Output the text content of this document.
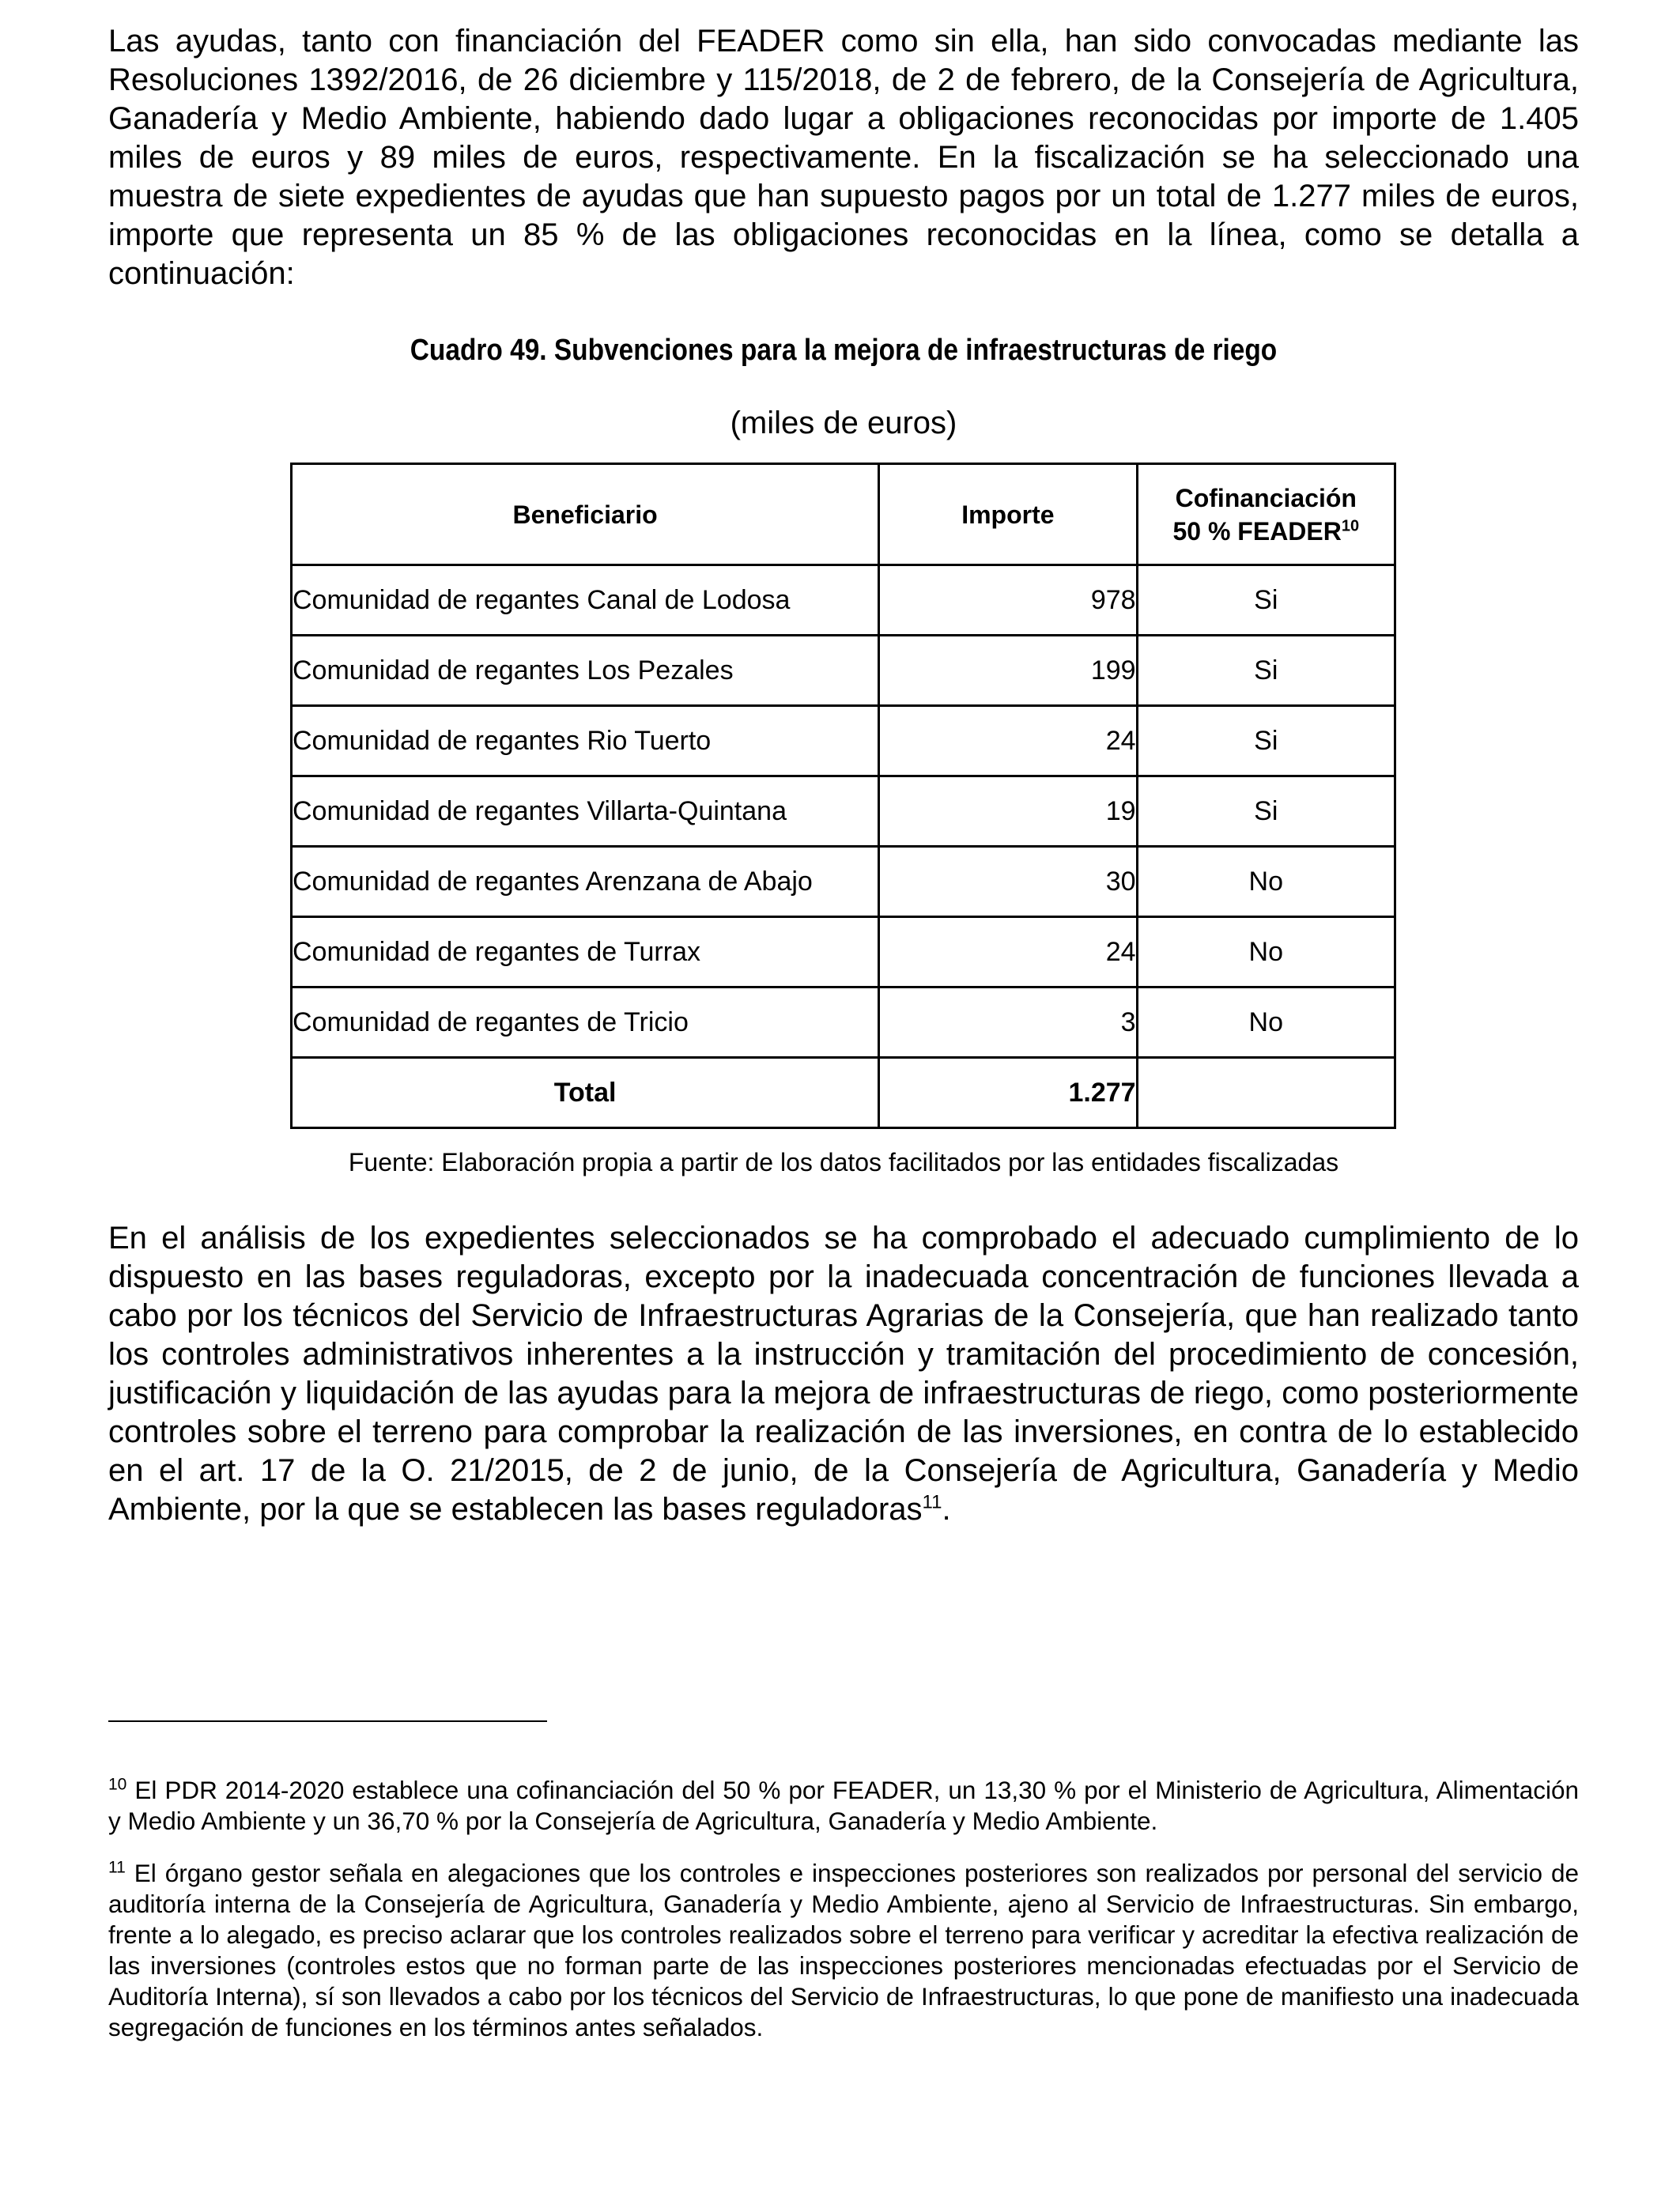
Las ayudas, tanto con financiación del FEADER como sin ella, han sido convocadas mediante las Resoluciones 1392/2016, de 26 diciembre y 115/2018, de 2 de febrero, de la Consejería de Agricultura, Ganadería y Medio Ambiente, habiendo dado lugar a obligaciones reconocidas por importe de 1.405 miles de euros y 89 miles de euros, respectivamente. En la fiscalización se ha seleccionado una muestra de siete expedientes de ayudas que han supuesto pagos por un total de 1.277 miles de euros, importe que representa un 85 % de las obligaciones reconocidas en la línea, como se detalla a continuación:

Cuadro 49. Subvenciones para la mejora de infraestructuras de riego
(miles de euros)
Beneficiario	Importe	Cofinanciación
50 % FEADER$^{10}$
Comunidad de regantes Canal de Lodosa	978	Si
Comunidad de regantes Los Pezales	199	Si
Comunidad de regantes Rio Tuerto	24	Si
Comunidad de regantes Villarta-Quintana	19	Si
Comunidad de regantes Arenzana de Abajo	30	No
Comunidad de regantes de Turrax	24	No
Comunidad de regantes de Tricio	3	No
Total	1.277	
Fuente: Elaboración propia a partir de los datos facilitados por las entidades fiscalizadas

En el análisis de los expedientes seleccionados se ha comprobado el adecuado cumplimiento de lo dispuesto en las bases reguladoras, excepto por la inadecuada concentración de funciones llevada a cabo por los técnicos del Servicio de Infraestructuras Agrarias de la Consejería, que han realizado tanto los controles administrativos inherentes a la instrucción y tramitación del procedimiento de concesión, justificación y liquidación de las ayudas para la mejora de infraestructuras de riego, como posteriormente controles sobre el terreno para comprobar la realización de las inversiones, en contra de lo establecido en el art. 17 de la O. 21/2015, de 2 de junio, de la Consejería de Agricultura, Ganadería y Medio Ambiente, por la que se establecen las bases reguladoras$^{11}$.

$^{10}$ El PDR 2014-2020 establece una cofinanciación del 50 % por FEADER, un 13,30 % por el Ministerio de Agricultura, Alimentación y Medio Ambiente y un 36,70 % por la Consejería de Agricultura, Ganadería y Medio Ambiente.

$^{11}$ El órgano gestor señala en alegaciones que los controles e inspecciones posteriores son realizados por personal del servicio de auditoría interna de la Consejería de Agricultura, Ganadería y Medio Ambiente, ajeno al Servicio de Infraestructuras. Sin embargo, frente a lo alegado, es preciso aclarar que los controles realizados sobre el terreno para verificar y acreditar la efectiva realización de las inversiones (controles estos que no forman parte de las inspecciones posteriores mencionadas efectuadas por el Servicio de Auditoría Interna), sí son llevados a cabo por los técnicos del Servicio de Infraestructuras, lo que pone de manifiesto una inadecuada segregación de funciones en los términos antes señalados.
